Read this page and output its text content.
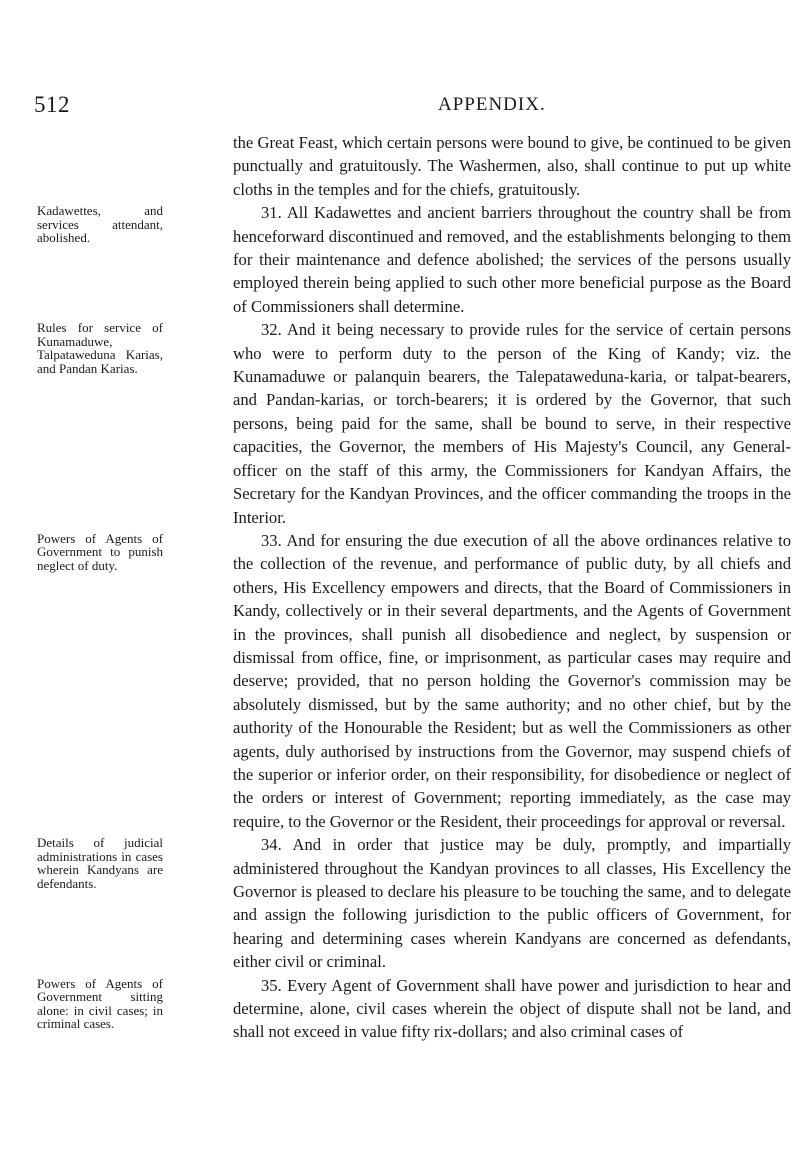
512	APPENDIX.

the Great Feast, which certain persons were bound to give, be continued to be given punctually and gratuitously. The Washermen, also, shall continue to put up white cloths in the temples and for the chiefs, gratuitously.

Kadawettes, and services attendant, abolished.

31. All Kadawettes and ancient barriers throughout the country shall be from henceforward discontinued and removed, and the establishments belonging to them for their maintenance and defence abolished; the services of the persons usually employed therein being applied to such other more beneficial purpose as the Board of Commissioners shall determine.

Rules for service of Kunamaduwe, Talpataweduna Karias, and Pandan Karias.

32. And it being necessary to provide rules for the service of certain persons who were to perform duty to the person of the King of Kandy; viz. the Kunamaduwe or palanquin bearers, the Talepataweduna-karia, or talpat-bearers, and Pandan-karias, or torch-bearers; it is ordered by the Governor, that such persons, being paid for the same, shall be bound to serve, in their respective capacities, the Governor, the members of His Majesty's Council, any General-officer on the staff of this army, the Commissioners for Kandyan Affairs, the Secretary for the Kandyan Provinces, and the officer commanding the troops in the Interior.

Powers of Agents of Government to punish neglect of duty.

33. And for ensuring the due execution of all the above ordinances relative to the collection of the revenue, and performance of public duty, by all chiefs and others, His Excellency empowers and directs, that the Board of Commissioners in Kandy, collectively or in their several departments, and the Agents of Government in the provinces, shall punish all disobedience and neglect, by suspension or dismissal from office, fine, or imprisonment, as particular cases may require and deserve; provided, that no person holding the Governor's commission may be absolutely dismissed, but by the same authority; and no other chief, but by the authority of the Honourable the Resident; but as well the Commissioners as other agents, duly authorised by instructions from the Governor, may suspend chiefs of the superior or inferior order, on their responsibility, for disobedience or neglect of the orders or interest of Government; reporting immediately, as the case may require, to the Governor or the Resident, their proceedings for approval or reversal.

Details of judicial administrations in cases wherein Kandyans are defendants.

34. And in order that justice may be duly, promptly, and impartially administered throughout the Kandyan provinces to all classes, His Excellency the Governor is pleased to declare his pleasure to be touching the same, and to delegate and assign the following jurisdiction to the public officers of Government, for hearing and determining cases wherein Kandyans are concerned as defendants, either civil or criminal.

Powers of Agents of Government sitting alone: in civil cases; in criminal cases.

35. Every Agent of Government shall have power and jurisdiction to hear and determine, alone, civil cases wherein the object of dispute shall not be land, and shall not exceed in value fifty rix-dollars; and also criminal cases of
